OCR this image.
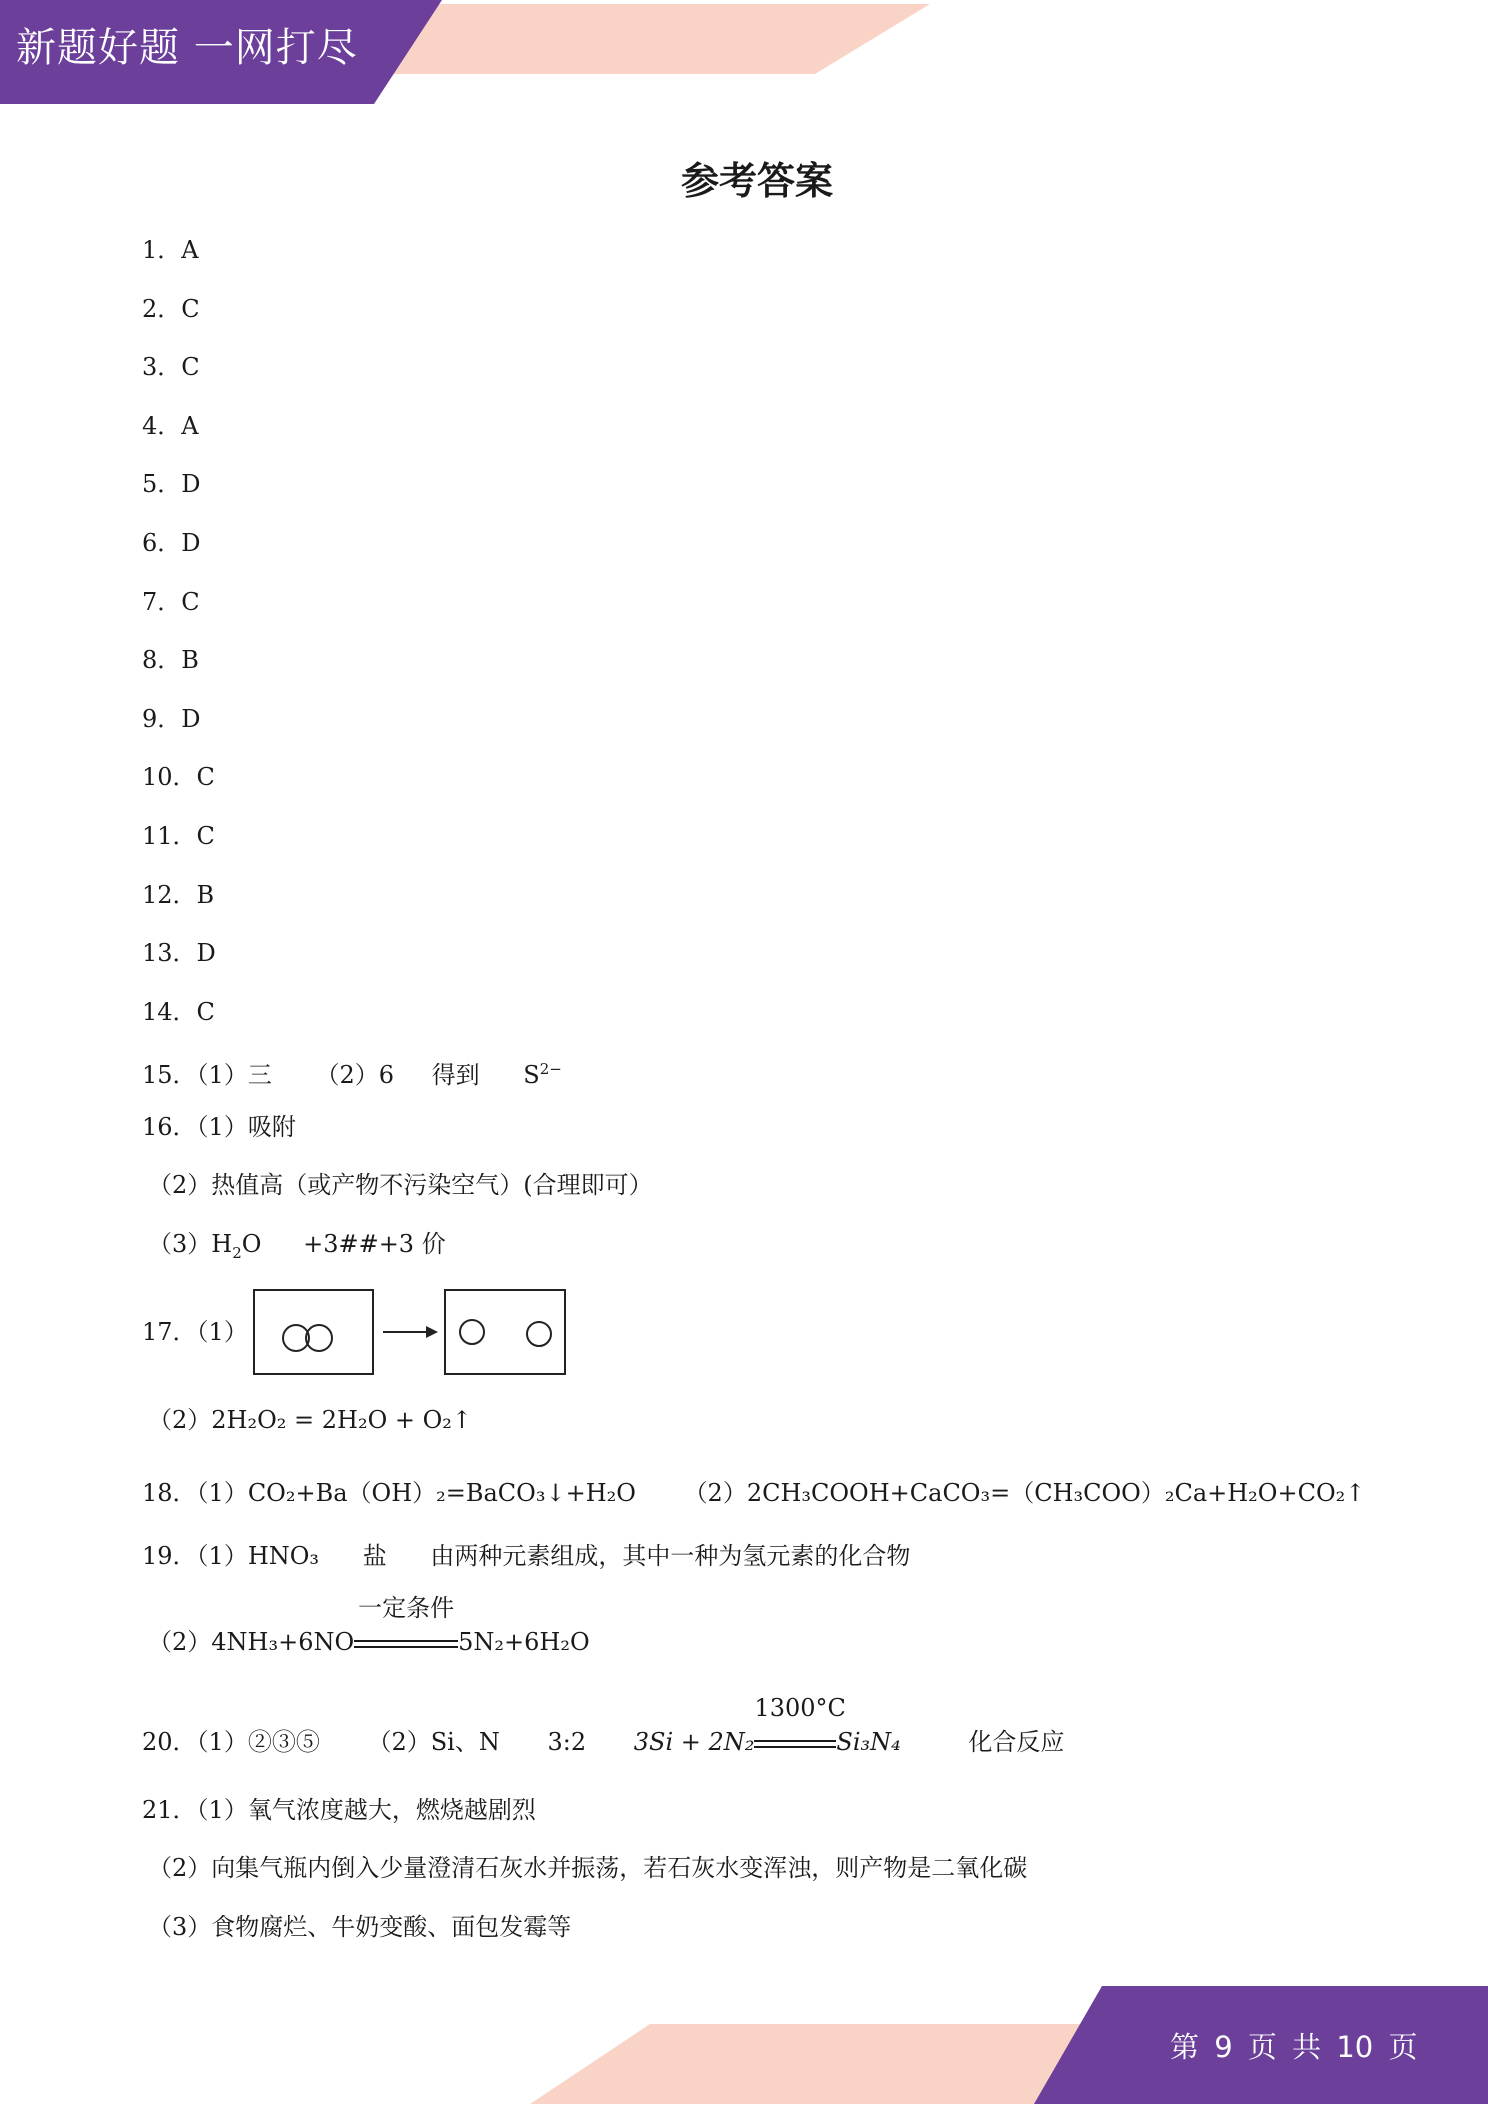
新题好题 一网打尽
参考答案
1．A
2．C
3．C
4．A
5．D
6．D
7．C
8．B
9．D
10．C
11．C
12．B
13．D
14．C
15．（1）三 （2）6 得到 $S^{2-}$
16．（1）吸附
（2）热值高（或产物不污染空气）(合理即可）
$(3)H_2O$ +3##+3 价
17．（1）
（2）2H₂O₂ = 2H₂O + O₂↑
18．（1）CO₂+Ba（OH）₂=BaCO₃↓+H₂O （2）2CH₃COOH+CaCO₃=（CH₃COO）₂Ca+H₂O+CO₂↑
19．（1）HNO₃ 盐 由两种元素组成，其中一种为氢元素的化合物
（2）4NH₃+6NO
一定条件
5N₂+6H₂O
20．（1）②③⑤ （2）Si、N 3:2 3Si + 2N₂
1300°C
Si₃N₄	化合反应
21．（1）氧气浓度越大，燃烧越剧烈
（2）向集气瓶内倒入少量澄清石灰水并振荡，若石灰水变浑浊，则产物是二氧化碳
（3）食物腐烂、牛奶变酸、面包发霉等
第 9 页 共 10 页
